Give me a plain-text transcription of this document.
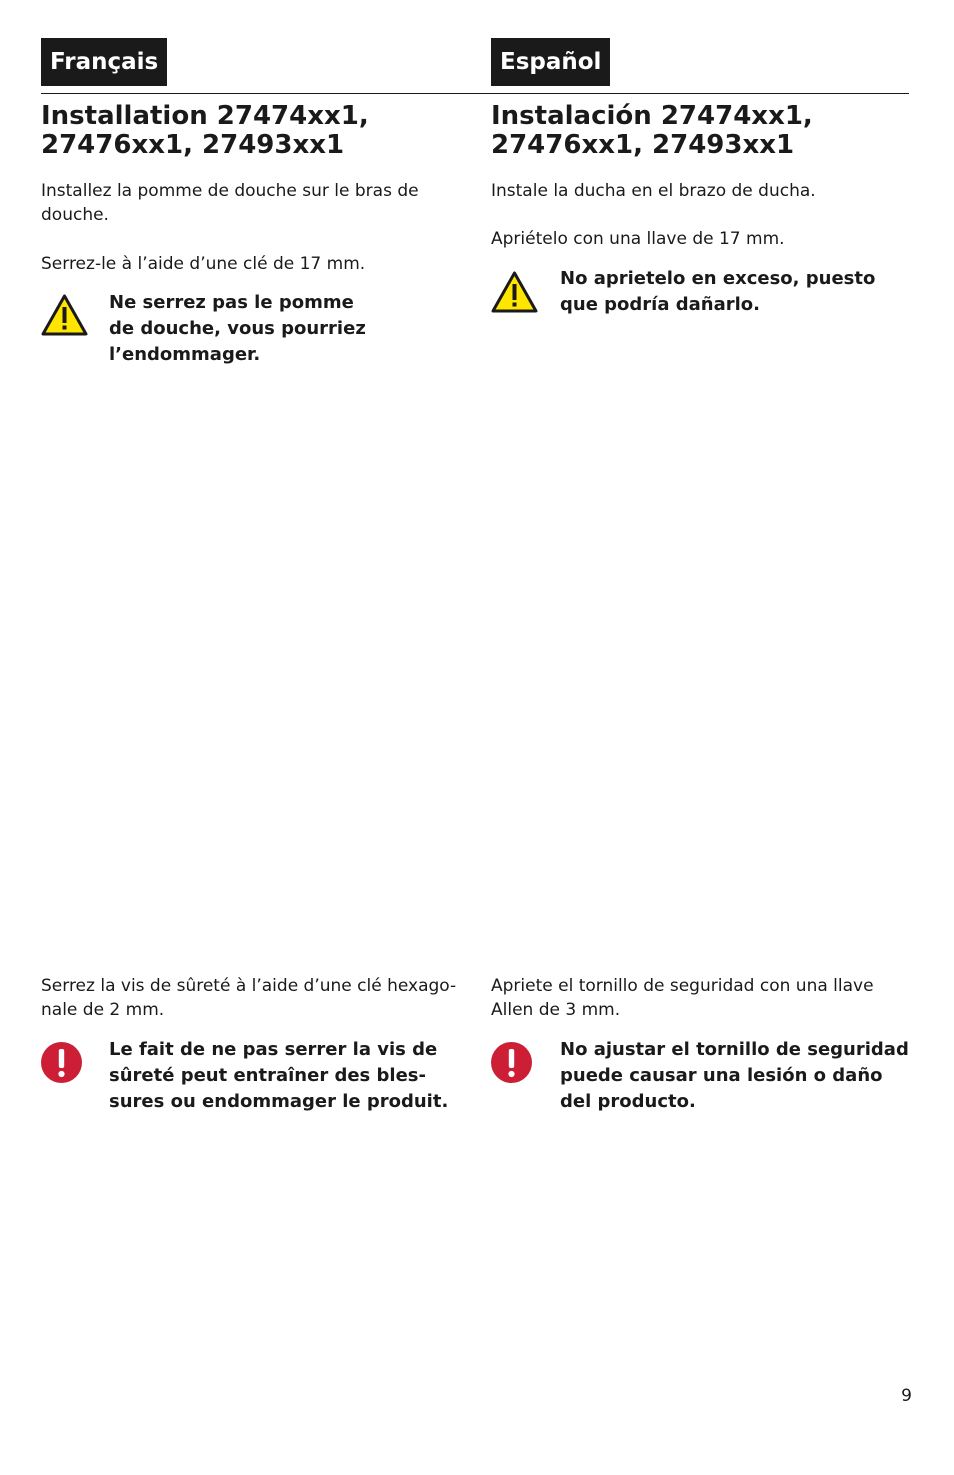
Français	Español
Installation 27474xx1,
27476xx1, 27493xx1

Installez la pomme de douche sur le bras de douche.

Serrez-le à l’aide d’une clé de 17 mm.

Ne serrez pas le pomme
de douche, vous pourriez
l’endommager.

Serrez la vis de sûreté à l’aide d’une clé hexago-
nale de 2 mm.

Le fait de ne pas serrer la vis de
sûreté peut entraîner des bles-
sures ou endommager le produit.

Instalación 27474xx1,
27476xx1, 27493xx1

Instale la ducha en el brazo de ducha.

Apriételo con una llave de 17 mm.

No aprietelo en exceso, puesto
que podría dañarlo.

Apriete el tornillo de seguridad con una llave
Allen de 3 mm.

No ajustar el tornillo de seguridad
puede causar una lesión o daño
del producto.

9
